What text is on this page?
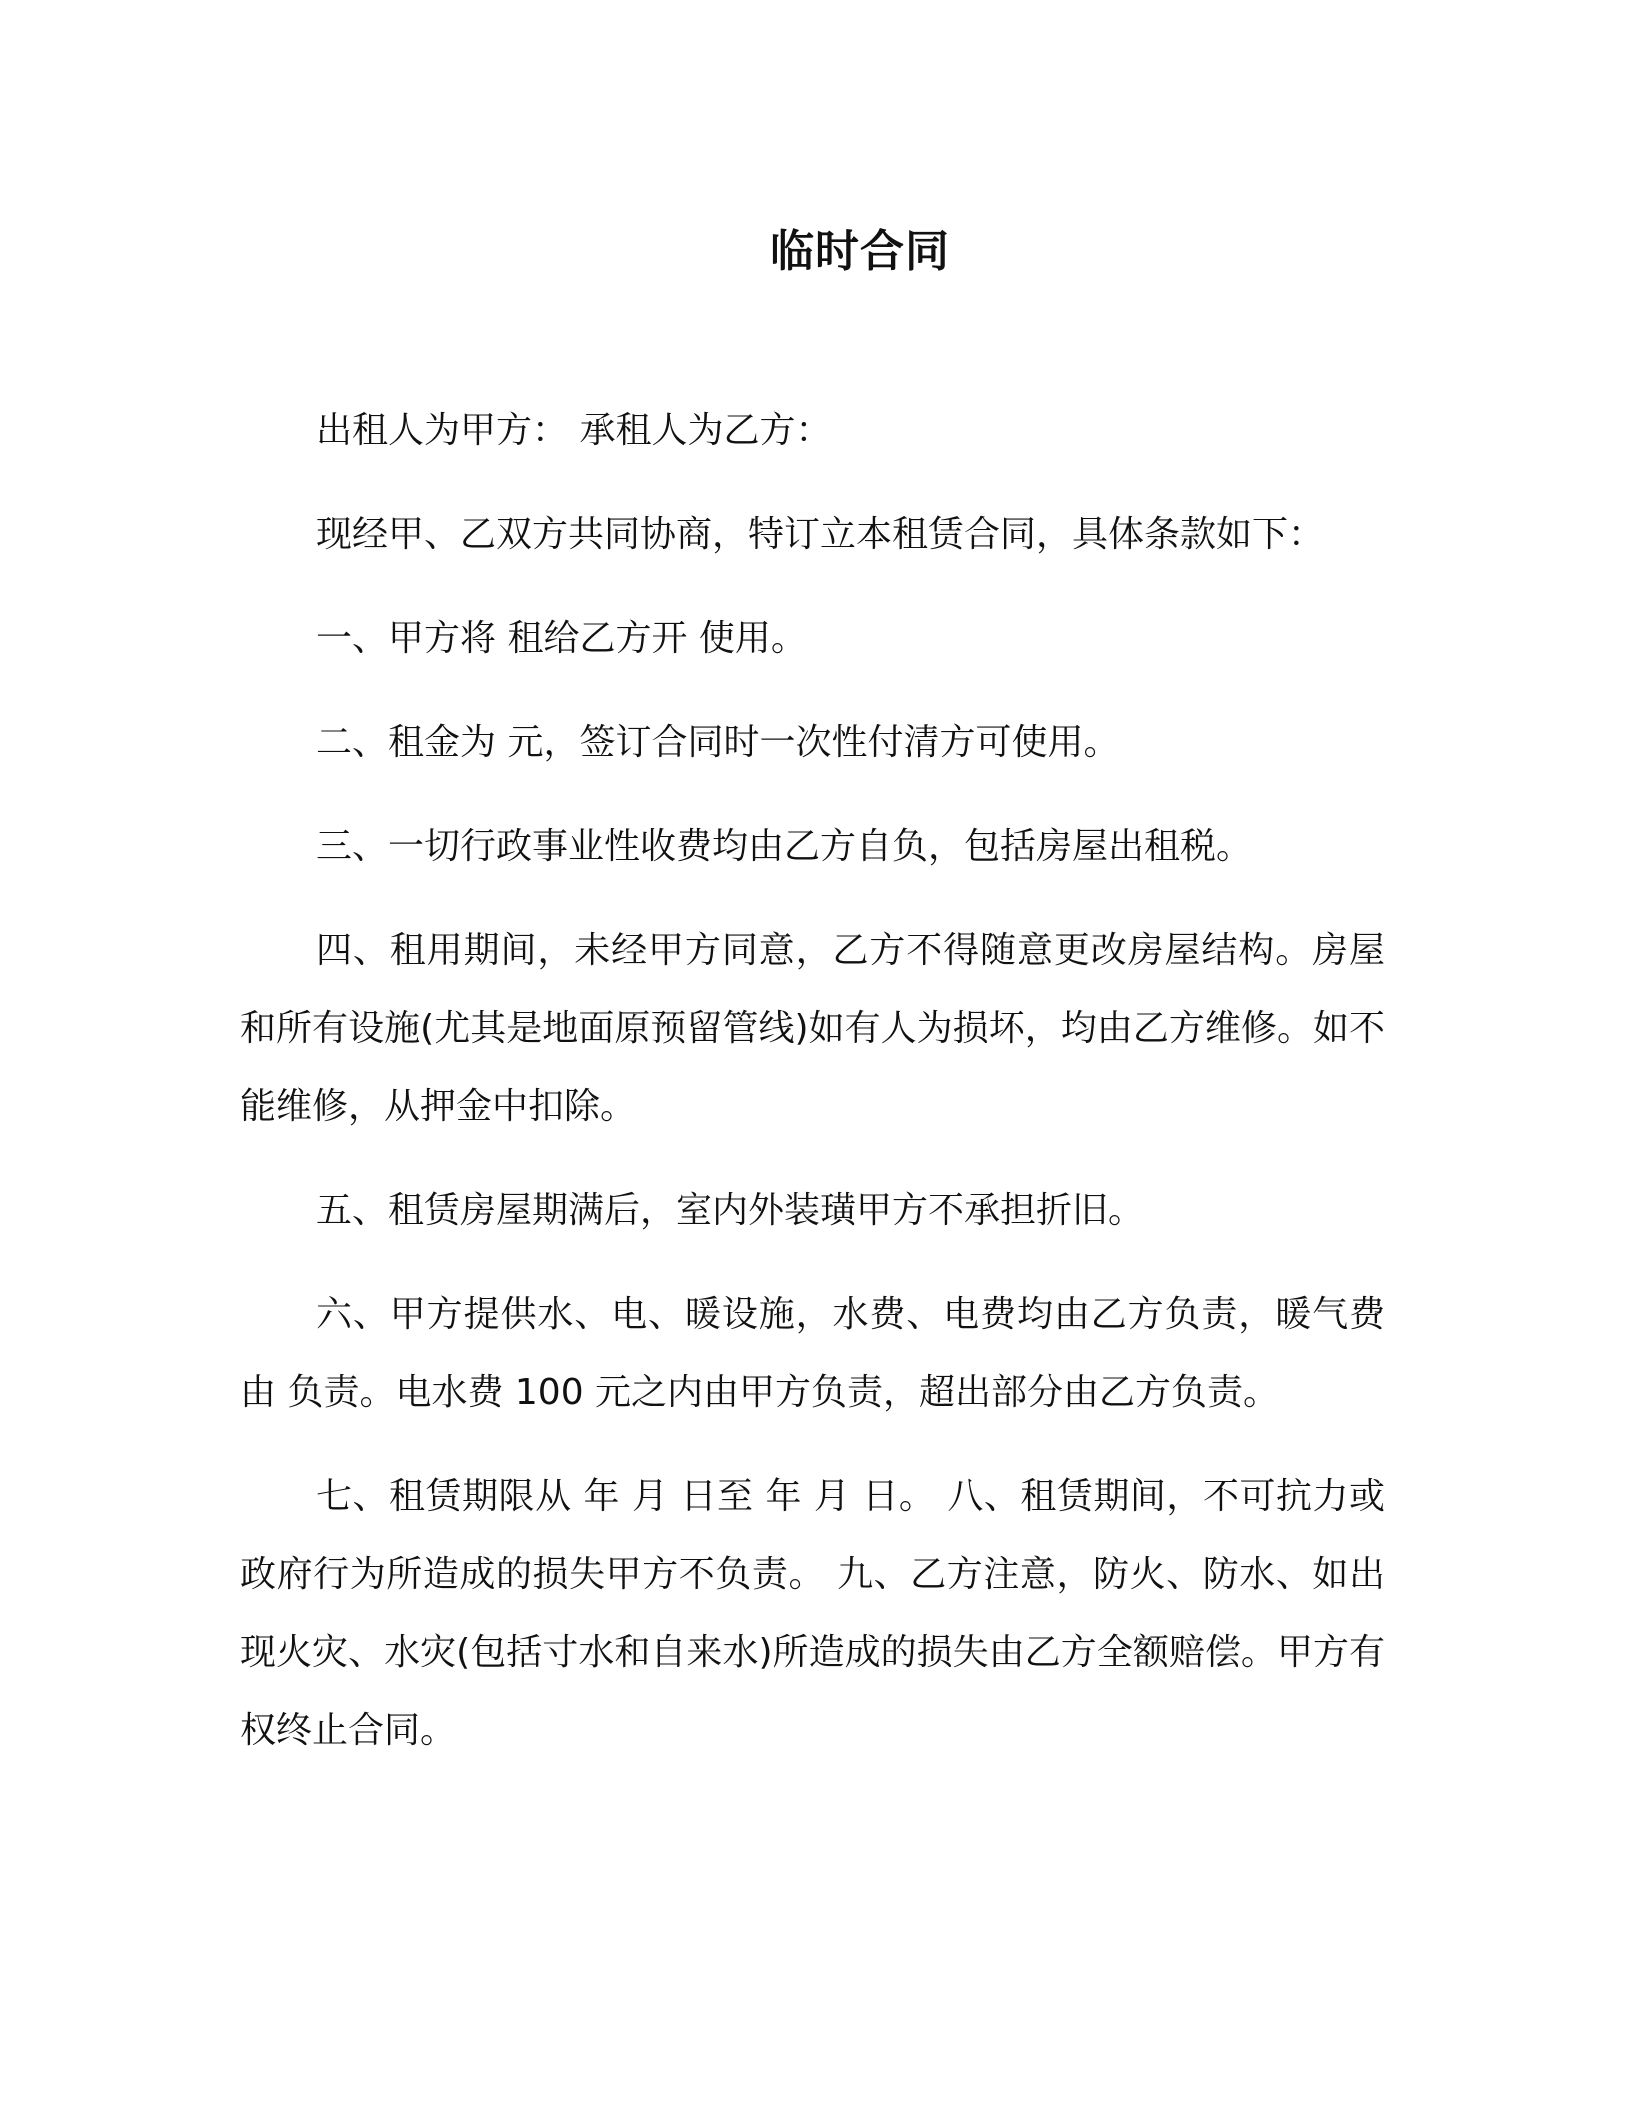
临时合同

出租人为甲方： 承租人为乙方：

现经甲、乙双方共同协商，特订立本租赁合同，具体条款如下：

一、甲方将 租给乙方开 使用。

二、租金为 元，签订合同时一次性付清方可使用。

三、一切行政事业性收费均由乙方自负，包括房屋出租税。

四、租用期间，未经甲方同意，乙方不得随意更改房屋结构。房屋和所有设施(尤其是地面原预留管线)如有人为损坏，均由乙方维修。如不能维修，从押金中扣除。

五、租赁房屋期满后，室内外装璜甲方不承担折旧。

六、甲方提供水、电、暖设施，水费、电费均由乙方负责，暖气费由 负责。电水费 100 元之内由甲方负责，超出部分由乙方负责。

七、租赁期限从 年 月 日至 年 月 日。 八、租赁期间，不可抗力或政府行为所造成的损失甲方不负责。 九、乙方注意，防火、防水、如出现火灾、水灾(包括寸水和自来水)所造成的损失由乙方全额赔偿。甲方有权终止合同。
